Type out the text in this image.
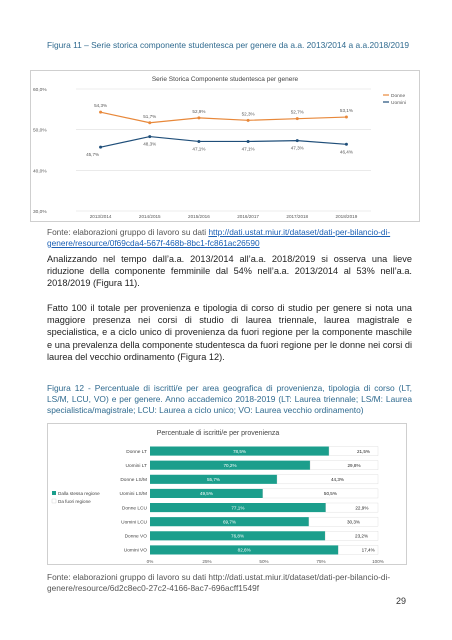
Figura 11 – Serie storica componente studentesca per genere da a.a. 2013/2014 a a.a.2018/2019
Serie Storica Componente studentesca per genere
60,0%
50,0%
40,0%
30,0%
2013/2014	2014/2015	2015/2016	2016/2017	2017/2018	2018/2019
54,3%
51,7%
52,9%	52,3%	52,7%	53,1%
Donne
45,7%
48,3%
47,1%	47,1%	47,3%
46,4%
Uomini
Fonte: elaborazioni gruppo di lavoro su dati http://dati.ustat.miur.it/dataset/dati-per-bilancio-di-
genere/resource/0f69cda4-567f-468b-8bc1-fc861ac26590
Analizzando nel tempo dall’a.a. 2013/2014 all’a.a. 2018/2019 si osserva una lieve riduzione della componente femminile dal 54% nell’a.a. 2013/2014 al 53% nell’a.a. 2018/2019 (Figura 11).
Fatto 100 il totale per provenienza e tipologia di corso di studio per genere si nota una maggiore presenza nei corsi di studio di laurea triennale, laurea magistrale e specialistica, e a ciclo unico di provenienza da fuori regione per la componente maschile e una prevalenza della componente studentesca da fuori regione per le donne nei corsi di laurea del vecchio ordinamento (Figura 12).
Figura 12 - Percentuale di iscritti/e per area geografica di provenienza, tipologia di corso (LT, LS/M, LCU, VO) e per genere. Anno accademico 2018-2019 (LT: Laurea triennale; LS/M: Laurea specialistica/magistrale; LCU: Laurea a ciclo unico; VO: Laurea vecchio ordinamento)
Percentuale di iscritti/e per provenienza
0%	25%	50%	75%	100%
Donne LT	78,5%	21,5%
Uomini LT	70,2%	29,8%
Donne LS/M	55,7%	44,3%
Uomini LS/M	49,5%	50,5%
Donne LCU	77,1%	22,9%
Uomini LCU	69,7%	30,3%
Donne VO	76,8%	23,2%
Uomini VO	82,6%	17,4%
Dalla stessa regione
Da fuori regione
Fonte: elaborazioni gruppo di lavoro su dati http://dati.ustat.miur.it/dataset/dati-per-bilancio-di-
genere/resource/6d2c8ec0-27c2-4166-8ac7-696acff1549f
29
